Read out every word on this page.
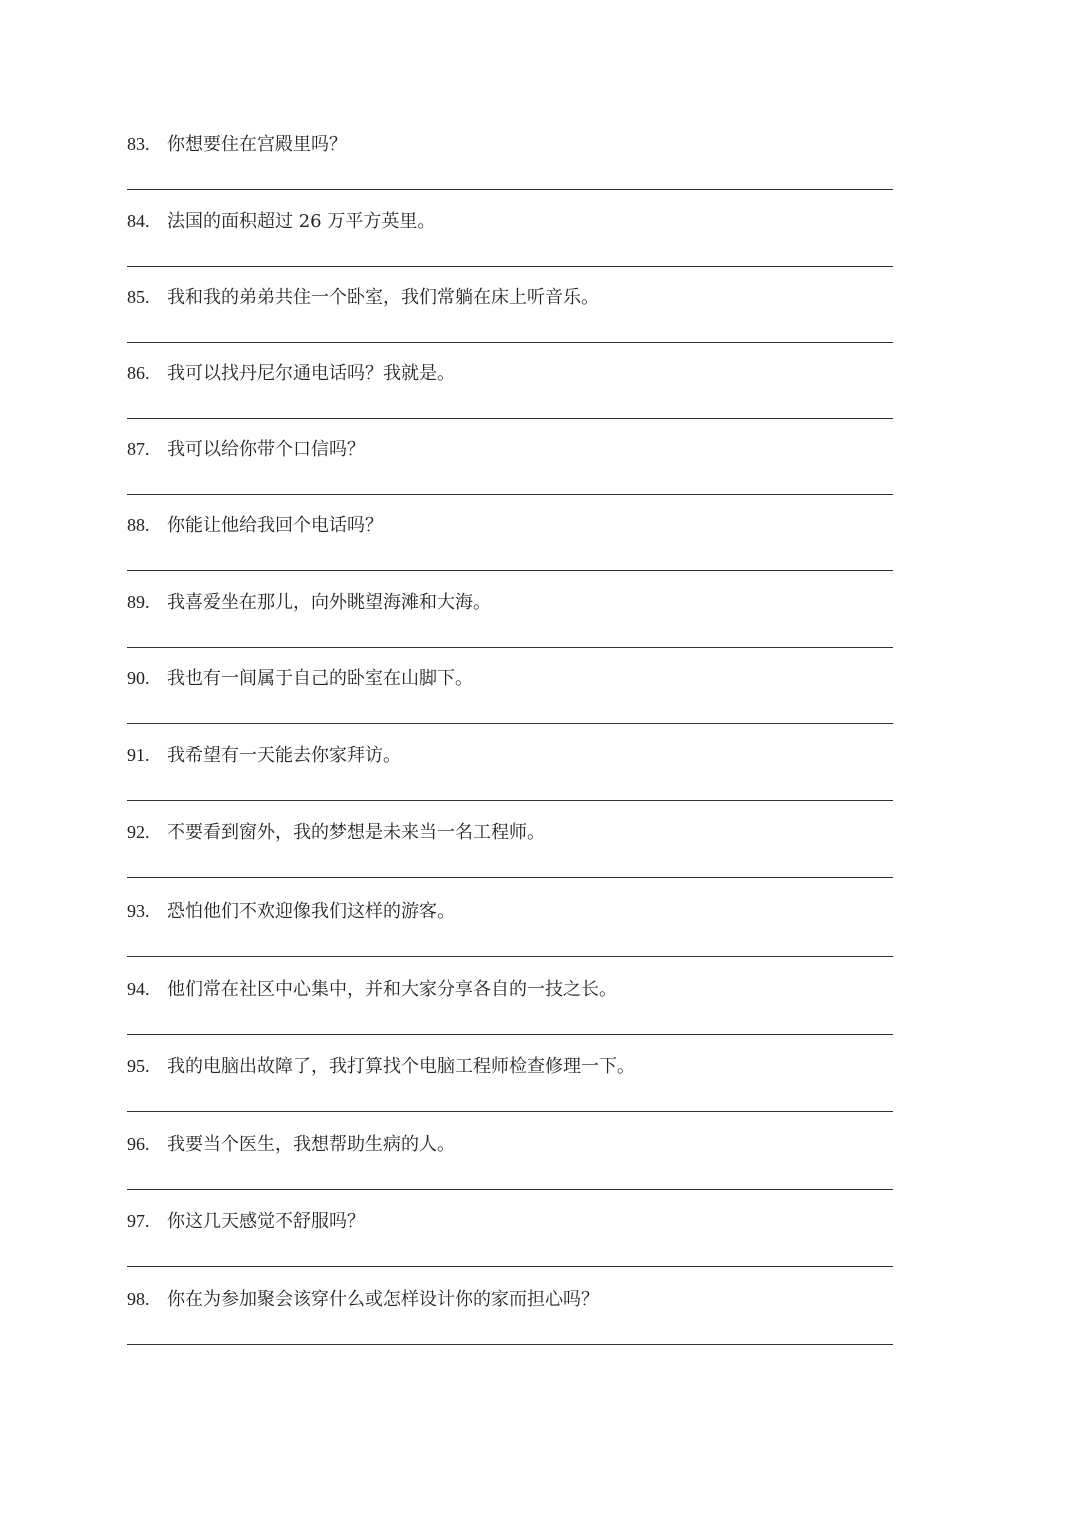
83. 你想要住在宫殿里吗？
84. 法国的面积超过 26 万平方英里。
85. 我和我的弟弟共住一个卧室，我们常躺在床上听音乐。
86. 我可以找丹尼尔通电话吗？我就是。
87. 我可以给你带个口信吗？
88. 你能让他给我回个电话吗？
89. 我喜爱坐在那儿，向外眺望海滩和大海。
90. 我也有一间属于自己的卧室在山脚下。
91. 我希望有一天能去你家拜访。
92. 不要看到窗外，我的梦想是未来当一名工程师。
93. 恐怕他们不欢迎像我们这样的游客。
94. 他们常在社区中心集中，并和大家分享各自的一技之长。
95. 我的电脑出故障了，我打算找个电脑工程师检查修理一下。
96. 我要当个医生，我想帮助生病的人。
97. 你这几天感觉不舒服吗？
98. 你在为参加聚会该穿什么或怎样设计你的家而担心吗？
